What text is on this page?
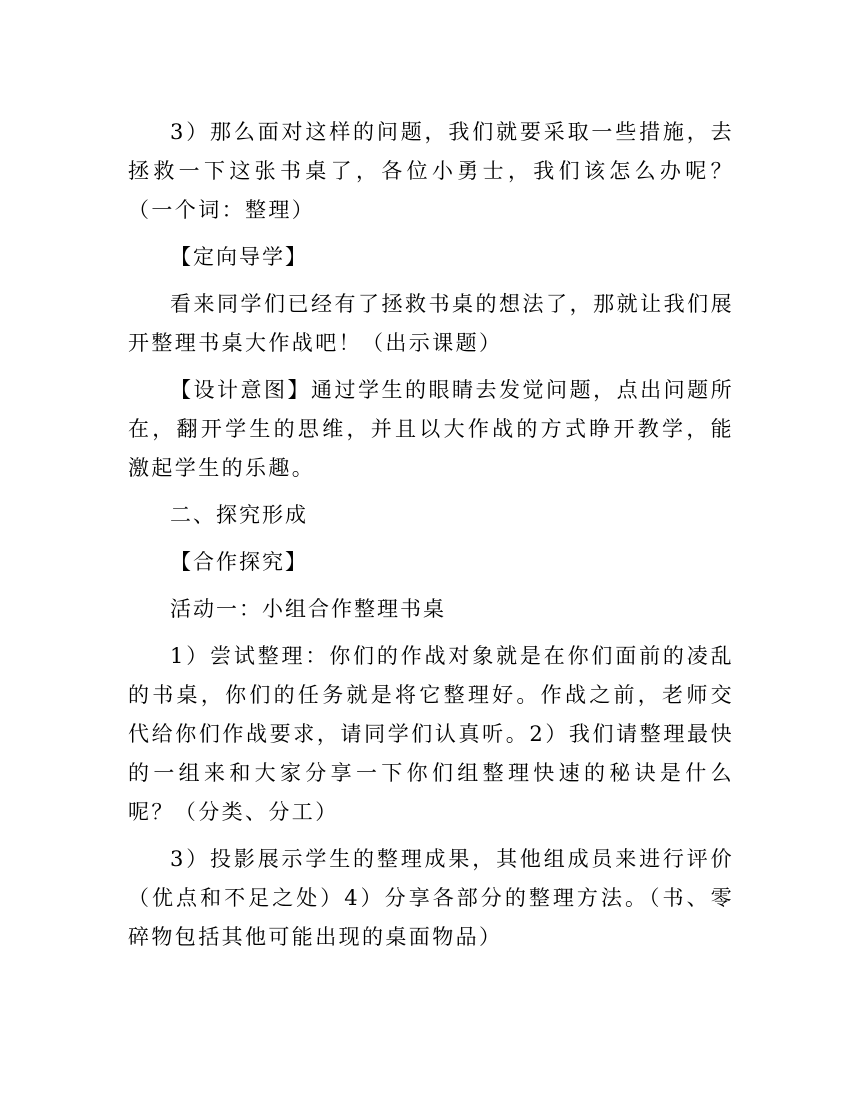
3）那么面对这样的问题，我们就要采取一些措施，去拯救一下这张书桌了，各位小勇士，我们该怎么办呢？（一个词：整理）

【定向导学】

看来同学们已经有了拯救书桌的想法了，那就让我们展开整理书桌大作战吧！（出示课题）

【设计意图】通过学生的眼睛去发觉问题，点出问题所在，翻开学生的思维，并且以大作战的方式睁开教学，能激起学生的乐趣。

二、探究形成

【合作探究】

活动一：小组合作整理书桌

1）尝试整理：你们的作战对象就是在你们面前的凌乱的书桌，你们的任务就是将它整理好。作战之前，老师交代给你们作战要求，请同学们认真听。2）我们请整理最快的一组来和大家分享一下你们组整理快速的秘诀是什么呢？（分类、分工）

3）投影展示学生的整理成果，其他组成员来进行评价（优点和不足之处）4）分享各部分的整理方法。（书、零碎物包括其他可能出现的桌面物品）
